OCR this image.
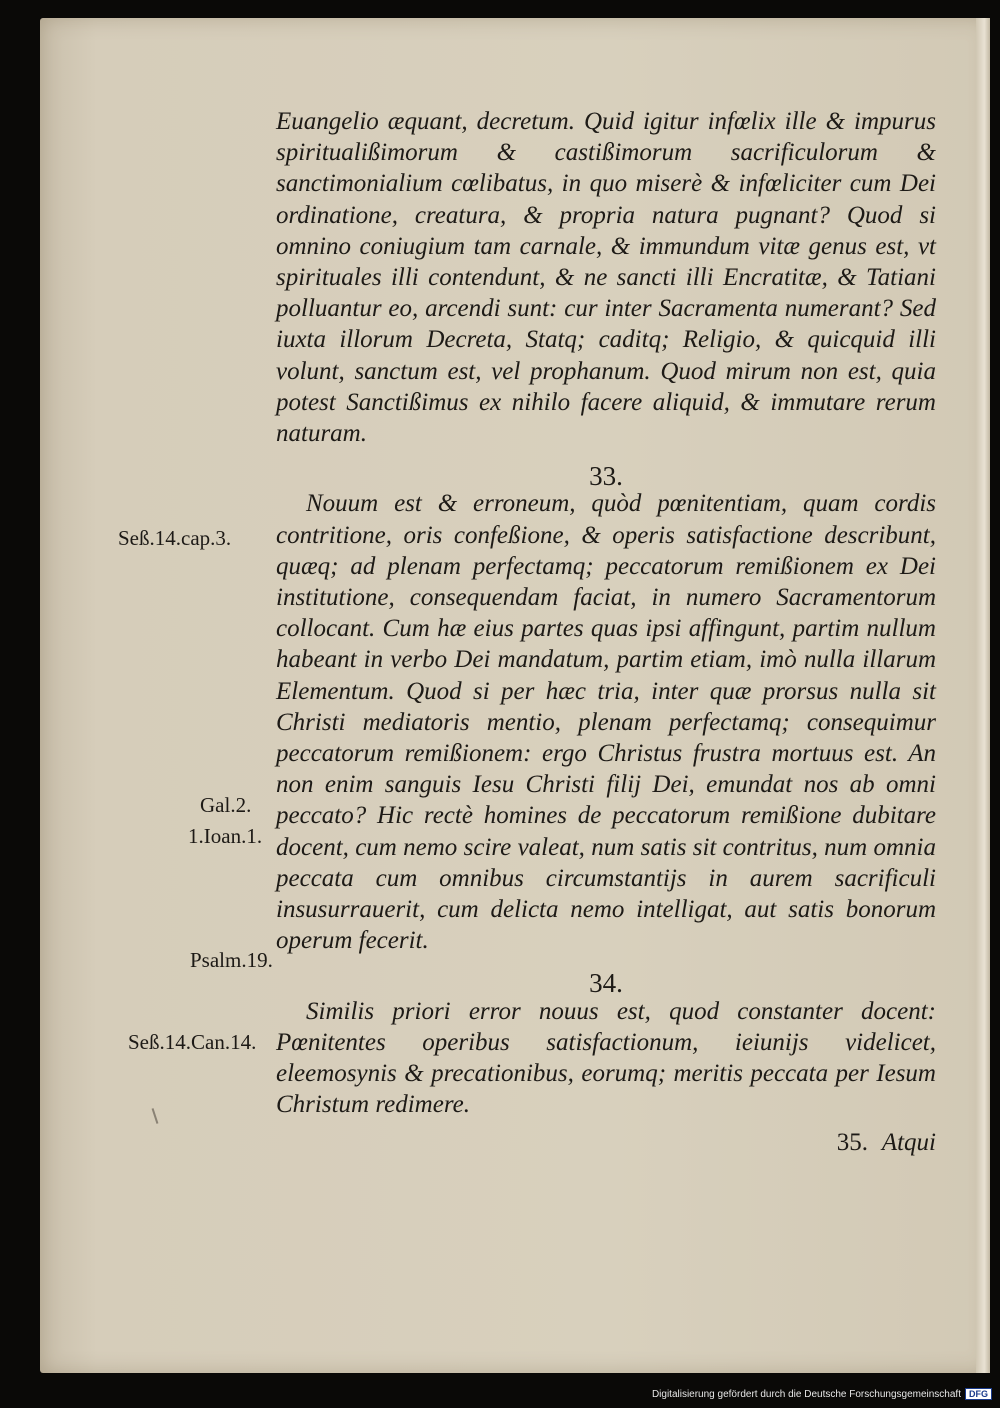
Euangelio æquant, decretum. Quid igitur infœlix ille & impurus spiritualißimorum & castißimorum sacrificulorum & sanctimonialium cœlibatus, in quo miserè & infœliciter cum Dei ordinatione, creatura, & propria natura pugnant? Quod si omnino coniugium tam carnale, & immundum vitæ genus est, vt spirituales illi contendunt, & ne sancti illi Encratitæ, & Tatiani polluantur eo, arcendi sunt: cur inter Sacramenta numerant? Sed iuxta illorum Decreta, Statq; caditq; Religio, & quicquid illi volunt, sanctum est, vel prophanum. Quod mirum non est, quia potest Sanctißimus ex nihilo facere aliquid, & immutare rerum naturam.

33.

Nouum est & erroneum, quòd pœnitentiam, quam cordis contritione, oris confeßione, & operis satisfactione describunt, quæq; ad plenam perfectamq; peccatorum remißionem ex Dei institutione, consequendam faciat, in numero Sacramentorum collocant. Cum hæ eius partes quas ipsi affingunt, partim nullum habeant in verbo Dei mandatum, partim etiam, imò nulla illarum Elementum. Quod si per hæc tria, inter quæ prorsus nulla sit Christi mediatoris mentio, plenam perfectamq; consequimur peccatorum remißionem: ergo Christus frustra mortuus est. An non enim sanguis Iesu Christi filij Dei, emundat nos ab omni peccato? Hic rectè homines de peccatorum remißione dubitare docent, cum nemo scire valeat, num satis sit contritus, num omnia peccata cum omnibus circumstantijs in aurem sacrificuli insusurrauerit, cum delicta nemo intelligat, aut satis bonorum operum fecerit.

34.

Similis priori error nouus est, quod constanter docent: Pœnitentes operibus satisfactionum, ieiunijs videlicet, eleemosynis & precationibus, eorumq; meritis peccata per Iesum Christum redimere.

35. Atqui
Seß.14.cap.3.
Gal.2.
1.Ioan.1.
Psalm.19.
Seß.14.Can.14.
Digitalisierung gefördert durch die Deutsche Forschungsgemeinschaft DFG
